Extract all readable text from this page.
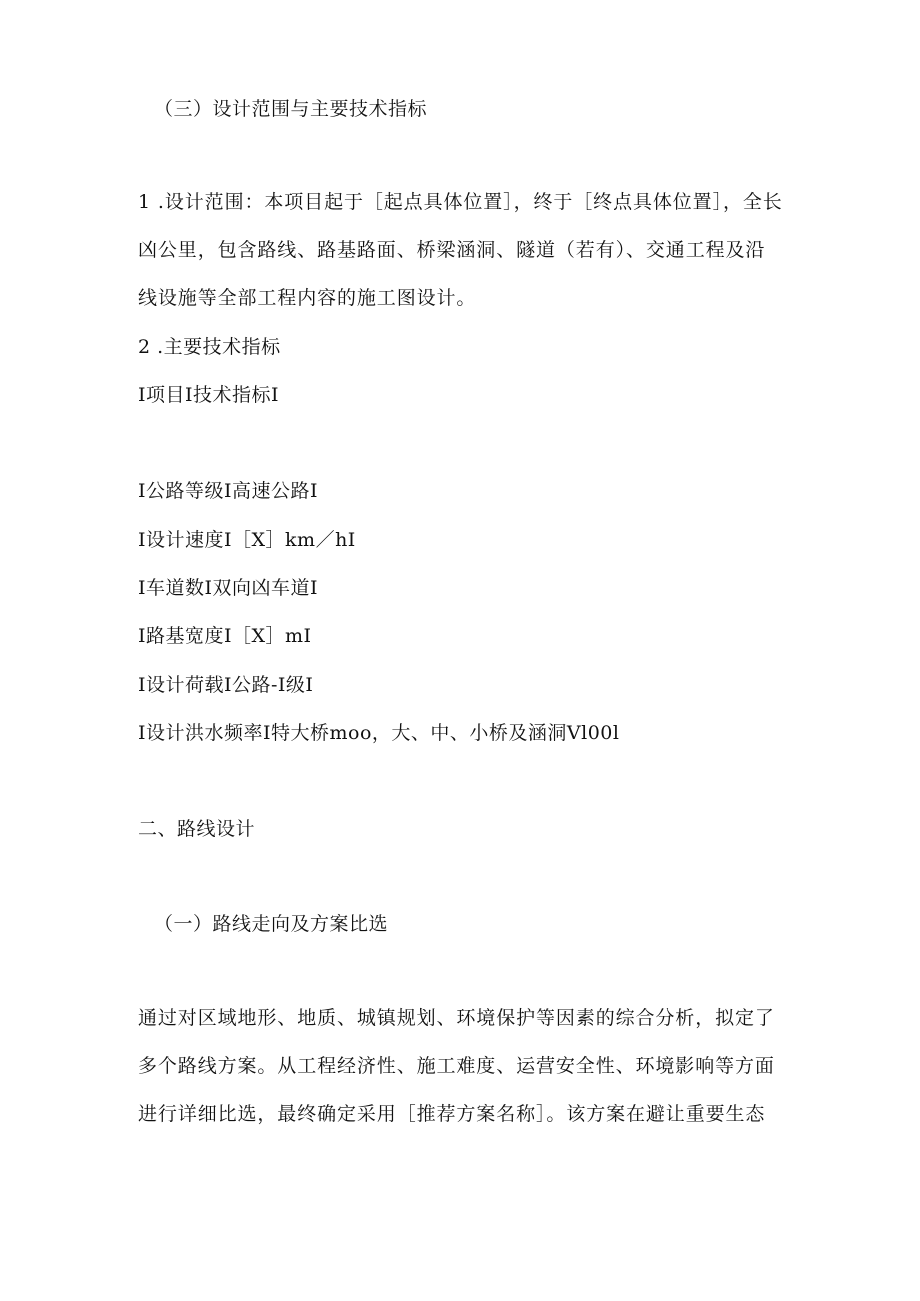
（三）设计范围与主要技术指标
1 .设计范围：本项目起于［起点具体位置］，终于［终点具体位置］，全长
凶公里，包含路线、路基路面、桥梁涵洞、隧道（若有）、交通工程及沿
线设施等全部工程内容的施工图设计。
2 .主要技术指标
I项目I技术指标I
I公路等级I高速公路I
I设计速度I［X］km／hI
I车道数I双向凶车道I
I路基宽度I［X］mI
I设计荷载I公路-I级I
I设计洪水频率I特大桥moo，大、中、小桥及涵洞Vl00l
二、路线设计
（一）路线走向及方案比选
通过对区域地形、地质、城镇规划、环境保护等因素的综合分析，拟定了
多个路线方案。从工程经济性、施工难度、运营安全性、环境影响等方面
进行详细比选，最终确定采用［推荐方案名称］。该方案在避让重要生态
